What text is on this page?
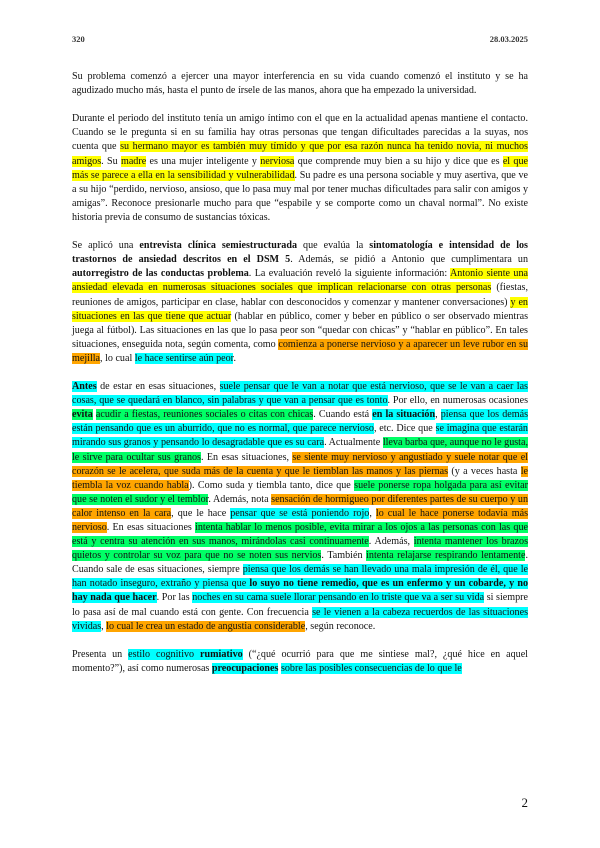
320	28.03.2025

Su problema comenzó a ejercer una mayor interferencia en su vida cuando comenzó el instituto y se ha agudizado mucho más, hasta el punto de írsele de las manos, ahora que ha empezado la universidad.

Durante el periodo del instituto tenía un amigo íntimo con el que en la actualidad apenas mantiene el contacto. Cuando se le pregunta si en su familia hay otras personas que tengan dificultades parecidas a la suyas, nos cuenta que su hermano mayor es también muy tímido y que por esa razón nunca ha tenido novia, ni muchos amigos. Su madre es una mujer inteligente y nerviosa que comprende muy bien a su hijo y dice que es el que más se parece a ella en la sensibilidad y vulnerabilidad. Su padre es una persona sociable y muy asertiva, que ve a su hijo “perdido, nervioso, ansioso, que lo pasa muy mal por tener muchas dificultades para salir con amigos y amigas”. Reconoce presionarle mucho para que “espabile y se comporte como un chaval normal”. No existe historia previa de consumo de sustancias tóxicas.

Se aplicó una entrevista clínica semiestructurada que evalúa la sintomatología e intensidad de los trastornos de ansiedad descritos en el DSM 5. Además, se pidió a Antonio que cumplimentara un autorregistro de las conductas problema. La evaluación reveló la siguiente información: Antonio siente una ansiedad elevada en numerosas situaciones sociales que implican relacionarse con otras personas (fiestas, reuniones de amigos, participar en clase, hablar con desconocidos y comenzar y mantener conversaciones) y en situaciones en las que tiene que actuar (hablar en público, comer y beber en público o ser observado mientras juega al fútbol). Las situaciones en las que lo pasa peor son “quedar con chicas” y “hablar en público”. En tales situaciones, enseguida nota, según comenta, como comienza a ponerse nervioso y a aparecer un leve rubor en su mejilla, lo cual le hace sentirse aún peor.

Antes de estar en esas situaciones, suele pensar que le van a notar que está nervioso, que se le van a caer las cosas, que se quedará en blanco, sin palabras y que van a pensar que es tonto. Por ello, en numerosas ocasiones evita acudir a fiestas, reuniones sociales o citas con chicas. Cuando está en la situación, piensa que los demás están pensando que es un aburrido, que no es normal, que parece nervioso, etc. Dice que se imagina que estarán mirando sus granos y pensando lo desagradable que es su cara. Actualmente lleva barba que, aunque no le gusta, le sirve para ocultar sus granos. En esas situaciones, se siente muy nervioso y angustiado y suele notar que el corazón se le acelera, que suda más de la cuenta y que le tiemblan las manos y las piernas (y a veces hasta le tiembla la voz cuando habla). Como suda y tiembla tanto, dice que suele ponerse ropa holgada para así evitar que se noten el sudor y el temblor. Además, nota sensación de hormigueo por diferentes partes de su cuerpo y un calor intenso en la cara, que le hace pensar que se está poniendo rojo, lo cual le hace ponerse todavía más nervioso. En esas situaciones intenta hablar lo menos posible, evita mirar a los ojos a las personas con las que está y centra su atención en sus manos, mirándolas casi continuamente. Además, intenta mantener los brazos quietos y controlar su voz para que no se noten sus nervios. También intenta relajarse respirando lentamente. Cuando sale de esas situaciones, siempre piensa que los demás se han llevado una mala impresión de él, que le han notado inseguro, extraño y piensa que lo suyo no tiene remedio, que es un enfermo y un cobarde, y no hay nada que hacer. Por las noches en su cama suele llorar pensando en lo triste que va a ser su vida si siempre lo pasa así de mal cuando está con gente. Con frecuencia se le vienen a la cabeza recuerdos de las situaciones vividas, lo cual le crea un estado de angustia considerable, según reconoce.

Presenta un estilo cognitivo rumiativo (“¿qué ocurrió para que me sintiese mal?, ¿qué hice en aquel momento?”), así como numerosas preocupaciones sobre las posibles consecuencias de lo que le

2
